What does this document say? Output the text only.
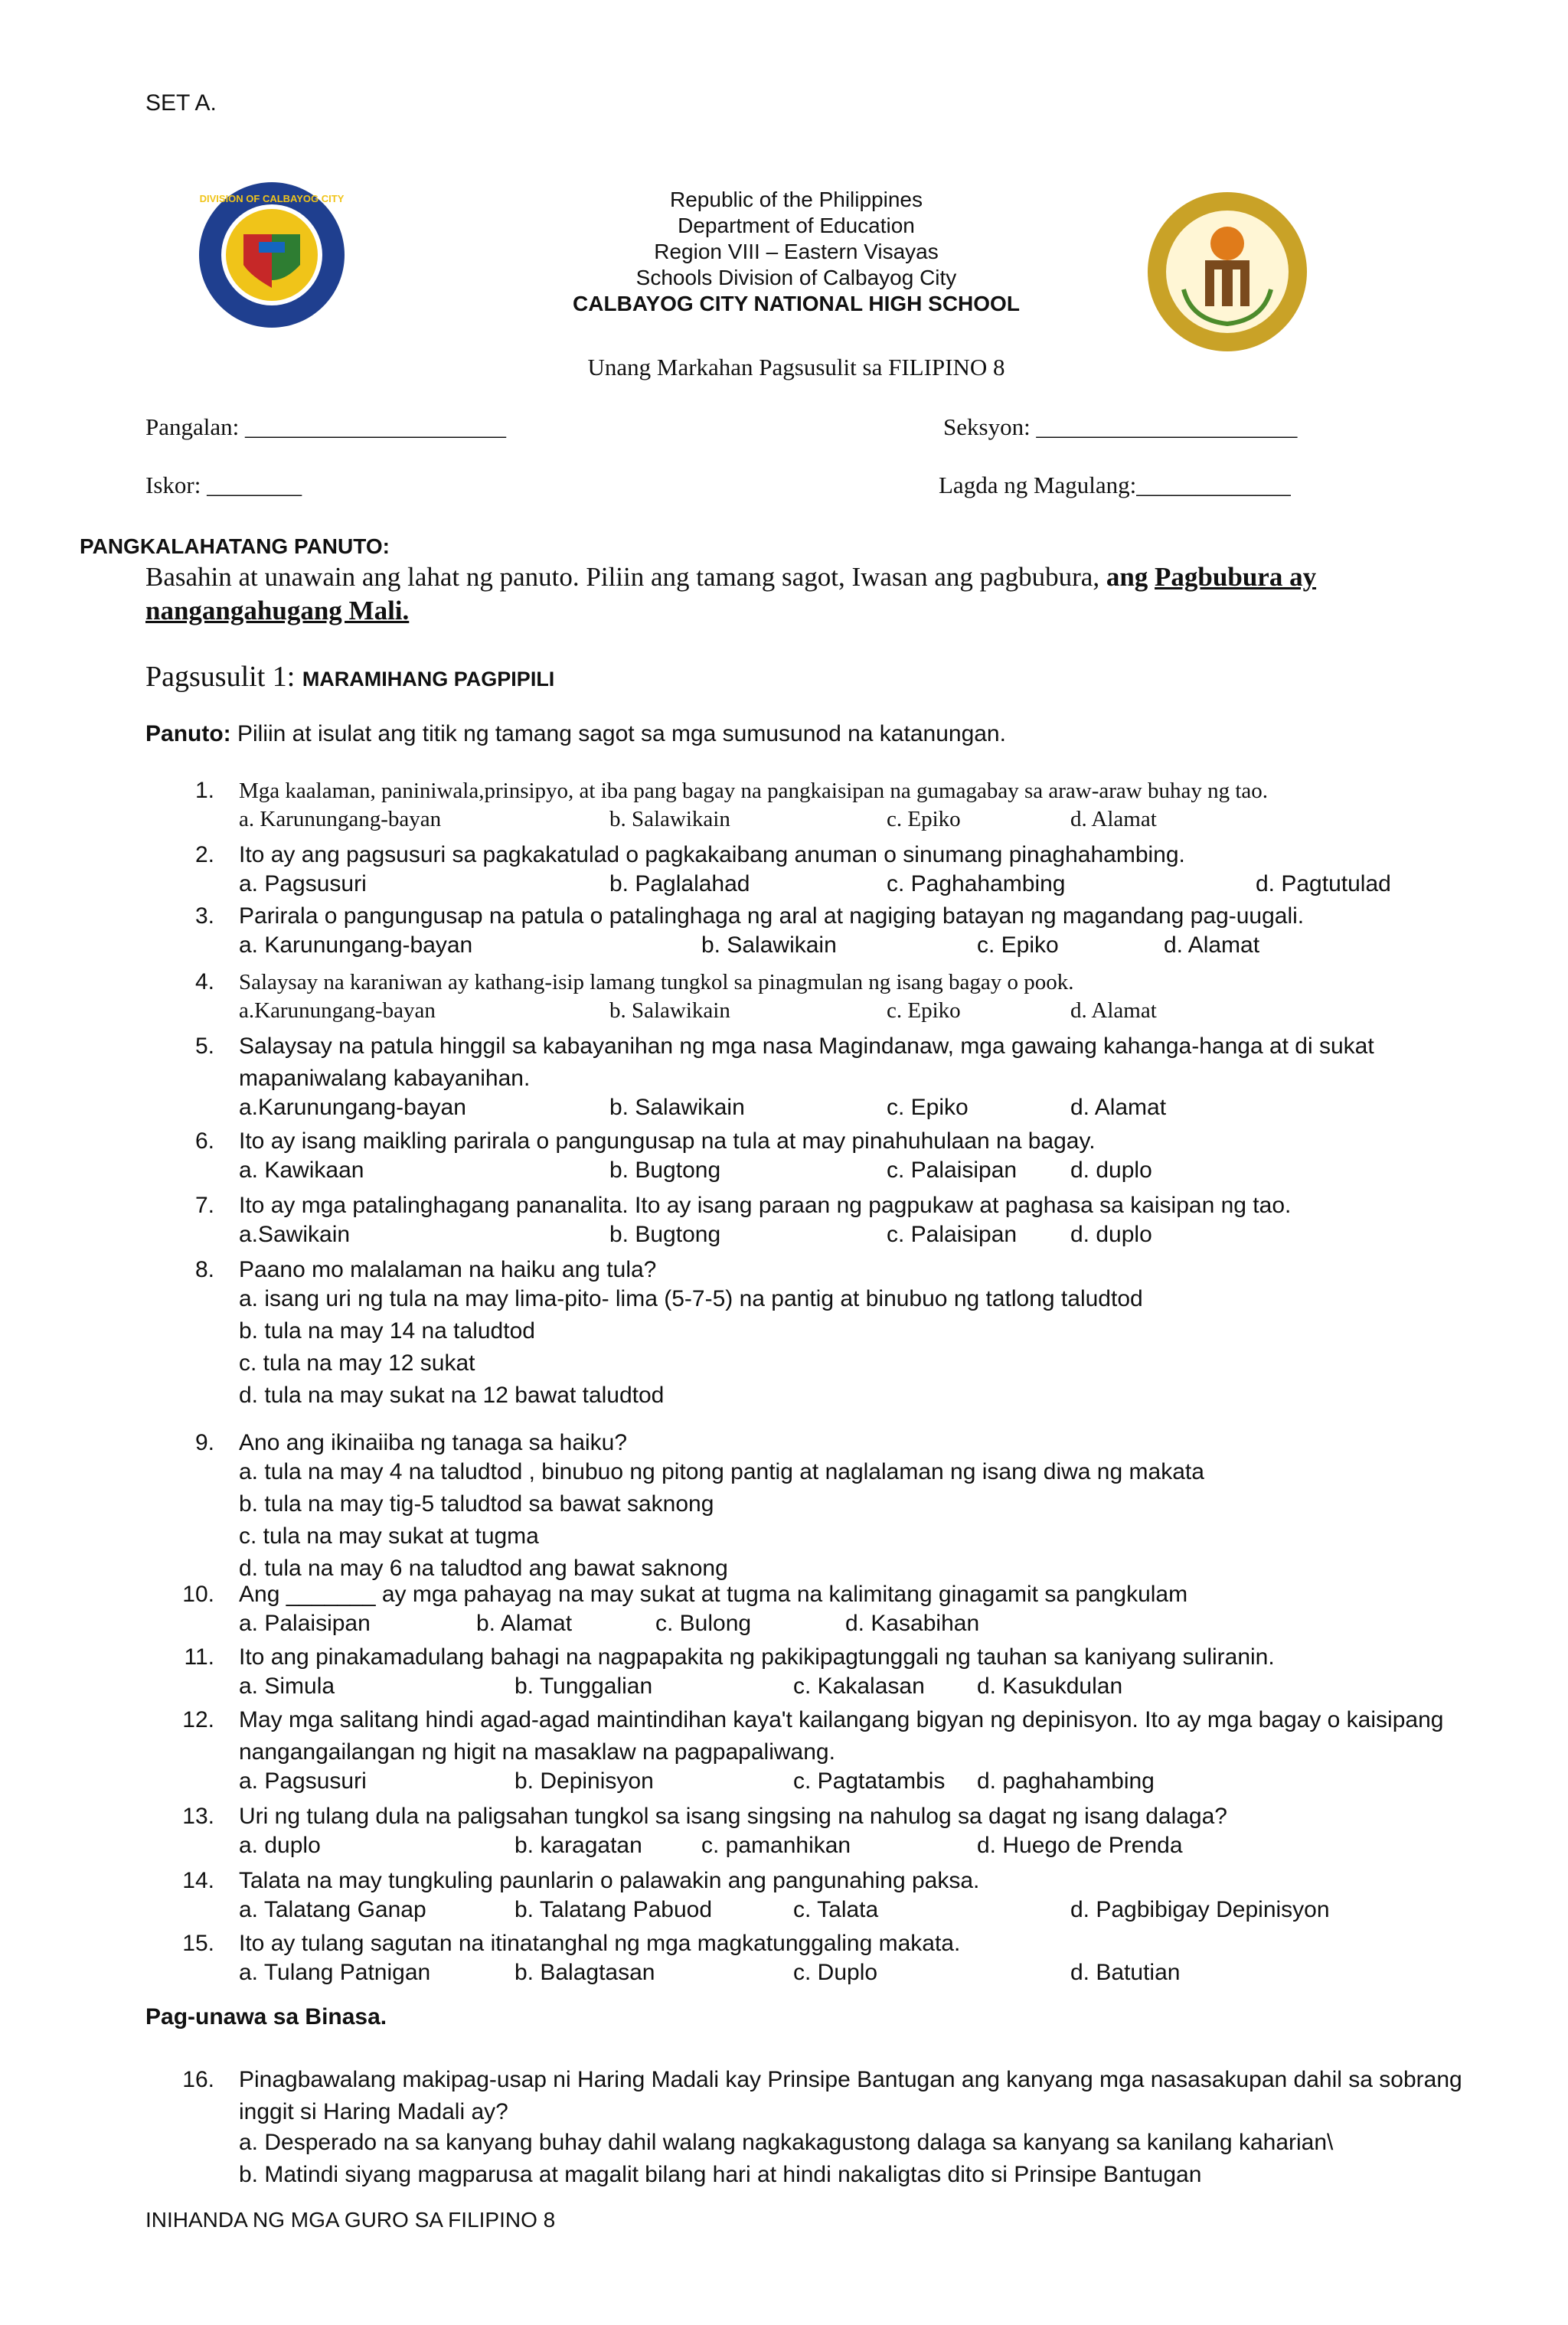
SET A.
DIVISION OF CALBAYOG CITY	Republic of the Philippines
Department of Education
Region VIII – Eastern Visayas
Schools Division of Calbayog City
CALBAYOG CITY NATIONAL HIGH SCHOOL
Unang Markahan Pagsusulit sa FILIPINO 8
Pangalan: ______________________	Seksyon: ______________________
Iskor: ________	Lagda ng Magulang:_____________
PANGKALAHATANG PANUTO:
Basahin at unawain ang lahat ng panuto. Piliin ang tamang sagot, Iwasan ang pagbubura, ang Pagbubura ay nangangahugang Mali.
Pagsusulit 1: MARAMIHANG PAGPIPILI
Panuto: Piliin at isulat ang titik ng tamang sagot sa mga sumusunod na katanungan.
1. Mga kaalaman, paniniwala,prinsipyo, at iba pang bagay na pangkaisipan na gumagabay sa araw-araw buhay ng tao.
a. Karunungang-bayan	b. Salawikain	c. Epiko	d. Alamat
2. Ito ay ang pagsusuri sa pagkakatulad o pagkakaibang anuman o sinumang pinaghahambing.
a. Pagsusuri	b. Paglalahad	c. Paghahambing	d. Pagtutulad
3. Parirala o pangungusap na patula o patalinghaga ng aral at nagiging batayan ng magandang pag-uugali.
a. Karunungang-bayan	b. Salawikain	c. Epiko	d. Alamat
4. Salaysay na karaniwan ay kathang-isip lamang tungkol sa pinagmulan ng isang bagay o pook.
a.Karunungang-bayan	b. Salawikain	c. Epiko	d. Alamat
5. Salaysay na patula hinggil sa kabayanihan ng mga nasa Magindanaw, mga gawaing kahanga-hanga at di sukat mapaniwalang kabayanihan.
a.Karunungang-bayan	b. Salawikain	c. Epiko	d. Alamat
6. Ito ay isang maikling parirala o pangungusap na tula at may pinahuhulaan na bagay.
a. Kawikaan	b. Bugtong	c. Palaisipan d. duplo
7. Ito ay mga patalinghagang pananalita. Ito ay isang paraan ng pagpukaw at paghasa sa kaisipan ng tao.
a.Sawikain	b. Bugtong	c. Palaisipan d. duplo
8. Paano mo malalaman na haiku ang tula?
a. isang uri ng tula na may lima-pito- lima (5-7-5) na pantig at binubuo ng tatlong taludtod
b. tula na may 14 na taludtod
c. tula na may 12 sukat
d. tula na may sukat na 12 bawat taludtod
9. Ano ang ikinaiiba ng tanaga sa haiku?
a. tula na may 4 na taludtod , binubuo ng pitong pantig at naglalaman ng isang diwa ng makata
b. tula na may tig-5 taludtod sa bawat saknong
c. tula na may sukat at tugma
d. tula na may 6 na taludtod ang bawat saknong
10. Ang _______ ay mga pahayag na may sukat at tugma na kalimitang ginagamit sa pangkulam
a. Palaisipan	b. Alamat	c. Bulong	d. Kasabihan
11. Ito ang pinakamadulang bahagi na nagpapakita ng pakikipagtunggali ng tauhan sa kaniyang suliranin.
a. Simula	b. Tunggalian	c. Kakalasan d. Kasukdulan
12. May mga salitang hindi agad-agad maintindihan kaya't kailangang bigyan ng depinisyon. Ito ay mga bagay o kaisipang nangangailangan ng higit na masaklaw na pagpapaliwang.
a. Pagsusuri	b. Depinisyon	c. Pagtatambis d. paghahambing
13. Uri ng tulang dula na paligsahan tungkol sa isang singsing na nahulog sa dagat ng isang dalaga?
a. duplo	b. karagatan	c. pamanhikan	d. Huego de Prenda
14. Talata na may tungkuling paunlarin o palawakin ang pangunahing paksa.
a. Talatang Ganap	b. Talatang Pabuod	c. Talata	d. Pagbibigay Depinisyon
15. Ito ay tulang sagutan na itinatanghal ng mga magkatunggaling makata.
a. Tulang Patnigan	b. Balagtasan	c. Duplo	d. Batutian
Pag-unawa sa Binasa.
16. Pinagbawalang makipag-usap ni Haring Madali kay Prinsipe Bantugan ang kanyang mga nasasakupan dahil sa sobrang inggit si Haring Madali ay?
a. Desperado na sa kanyang buhay dahil walang nagkakagustong dalaga sa kanyang sa kanilang kaharian\
b. Matindi siyang magparusa at magalit bilang hari at hindi nakaligtas dito si Prinsipe Bantugan
INIHANDA NG MGA GURO SA FILIPINO 8
